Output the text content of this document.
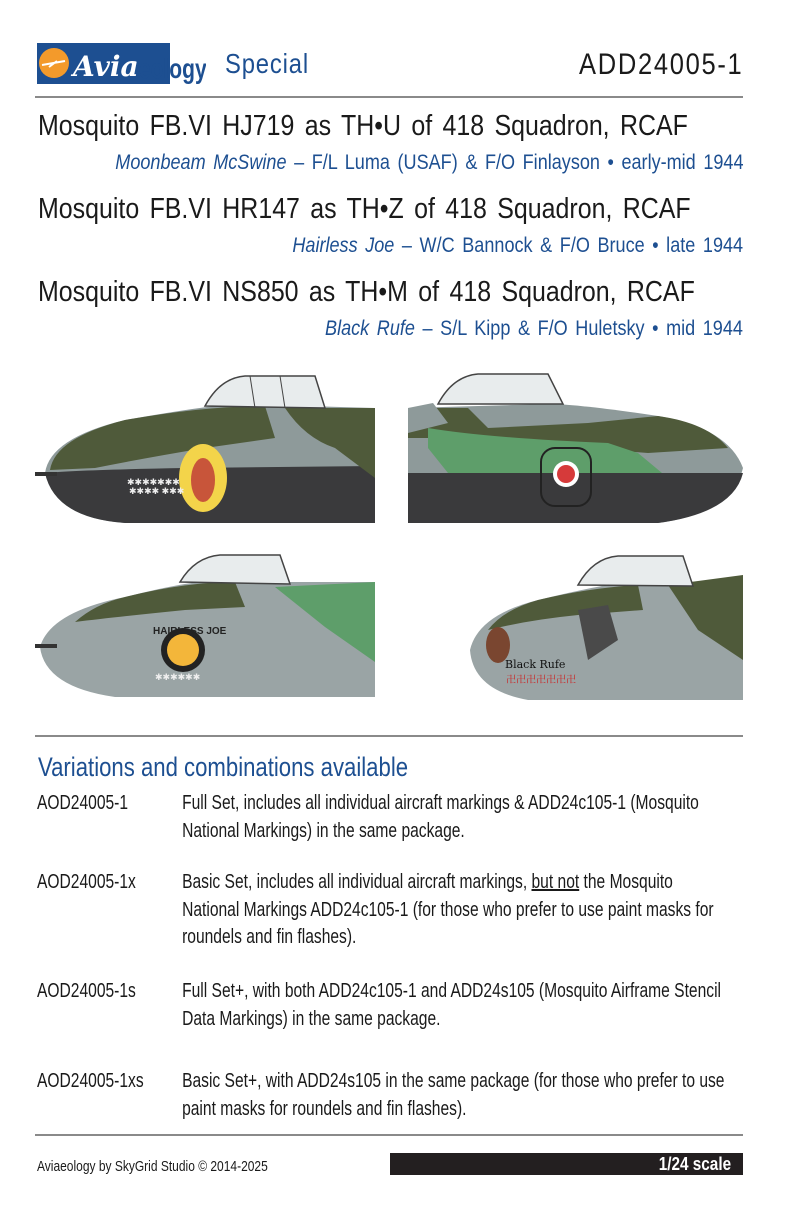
Avia eology Special	ADD24005-1
Mosquito FB.VI HJ719 as TH•U of 418 Squadron, RCAF
Moonbeam McSwine – F/L Luma (USAF) & F/O Finlayson • early-mid 1944
Mosquito FB.VI HR147 as TH•Z of 418 Squadron, RCAF
Hairless Joe – W/C Bannock & F/O Bruce • late 1944
Mosquito FB.VI NS850 as TH•M of 418 Squadron, RCAF
Black Rufe – S/L Kipp & F/O Huletsky • mid 1944
✱✱✱✱✱✱✱
✱✱✱✱ ✱✱✱
HAIRLESS JOE
✱✱✱✱✱✱
Black Rufe
卍卍卍卍卍卍卍
Variations and combinations available
AOD24005-1	Full Set, includes all individual aircraft markings & ADD24c105-1 (Mosquito National Markings) in the same package.
AOD24005-1x Basic Set, includes all individual aircraft markings, but not the Mosquito National Markings ADD24c105-1 (for those who prefer to use paint masks for roundels and fin flashes).
AOD24005-1s Full Set+, with both ADD24c105-1 and ADD24s105 (Mosquito Airframe Stencil Data Markings) in the same package.
AOD24005-1xs Basic Set+, with ADD24s105 in the same package (for those who prefer to use paint masks for roundels and fin flashes).
Aviaeology by SkyGrid Studio © 2014-2025	1/24 scale
